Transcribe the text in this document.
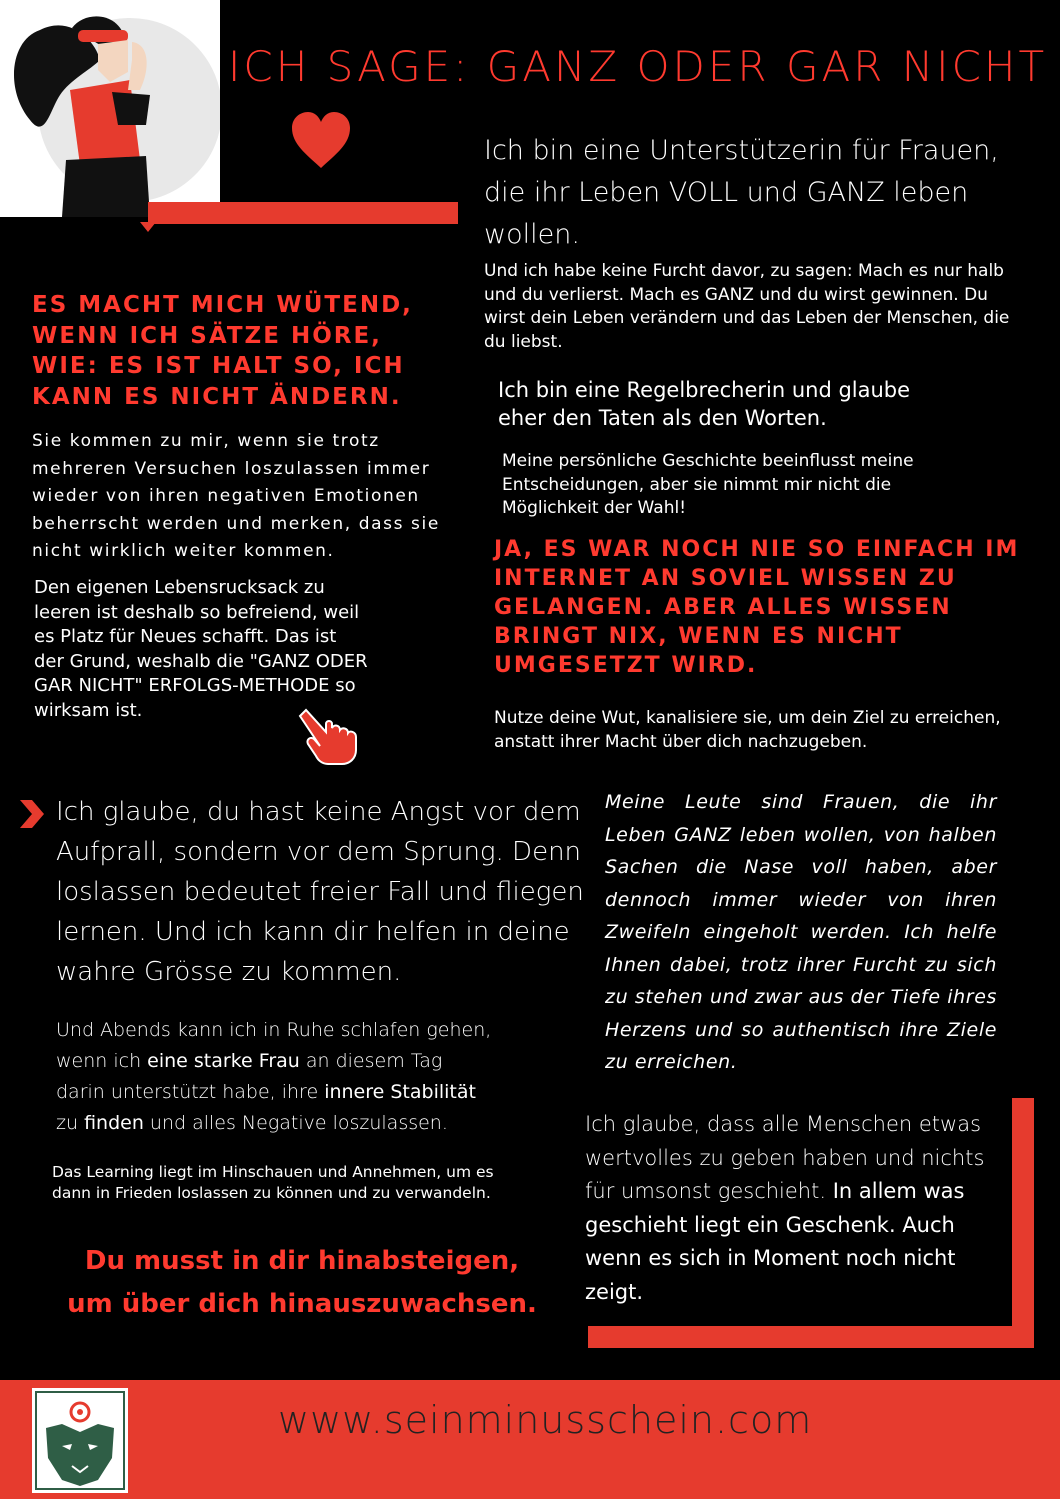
ICH SAGE: GANZ ODER GAR NICHT
Ich bin eine Unterstützerin für Frauen, die ihr Leben VOLL und GANZ leben wollen.
Und ich habe keine Furcht davor, zu sagen: Mach es nur halb und du verlierst. Mach es GANZ und du wirst gewinnen. Du wirst dein Leben verändern und das Leben der Menschen, die du liebst.
Ich bin eine Regelbrecherin und glaube eher den Taten als den Worten.
Meine persönliche Geschichte beeinflusst meine Entscheidungen, aber sie nimmt mir nicht die Möglichkeit der Wahl!
JA, ES WAR NOCH NIE SO EINFACH IM INTERNET AN SOVIEL WISSEN ZU GELANGEN. ABER ALLES WISSEN BRINGT NIX, WENN ES NICHT UMGESETZT WIRD.
Nutze deine Wut, kanalisiere sie, um dein Ziel zu erreichen, anstatt ihrer Macht über dich nachzugeben.
ES MACHT MICH WÜTEND, WENN ICH SÄTZE HÖRE, WIE: ES IST HALT SO, ICH KANN ES NICHT ÄNDERN.
Sie kommen zu mir, wenn sie trotz mehreren Versuchen loszulassen immer wieder von ihren negativen Emotionen beherrscht werden und merken, dass sie nicht wirklich weiter kommen.
Den eigenen Lebensrucksack zu leeren ist deshalb so befreiend, weil es Platz für Neues schafft. Das ist der Grund, weshalb die "GANZ ODER GAR NICHT" ERFOLGS-METHODE so wirksam ist.
Ich glaube, du hast keine Angst vor dem Aufprall, sondern vor dem Sprung. Denn loslassen bedeutet freier Fall und fliegen lernen. Und ich kann dir helfen in deine wahre Grösse zu kommen.
Und Abends kann ich in Ruhe schlafen gehen, wenn ich eine starke Frau an diesem Tag darin unterstützt habe, ihre innere Stabilität zu finden und alles Negative loszulassen.
Das Learning liegt im Hinschauen und Annehmen, um es dann in Frieden loslassen zu können und zu verwandeln.
Du musst in dir hinabsteigen,
um über dich hinauszuwachsen.
Meine Leute sind Frauen, die ihr Leben GANZ leben wollen, von halben Sachen die Nase voll haben, aber dennoch immer wieder von ihren Zweifeln eingeholt werden. Ich helfe Ihnen dabei, trotz ihrer Furcht zu sich zu stehen und zwar aus der Tiefe ihres Herzens und so authentisch ihre Ziele zu erreichen.
Ich glaube, dass alle Menschen etwas wertvolles zu geben haben und nichts für umsonst geschieht. In allem was geschieht liegt ein Geschenk. Auch wenn es sich in Moment noch nicht zeigt.
www.seinminusschein.com
